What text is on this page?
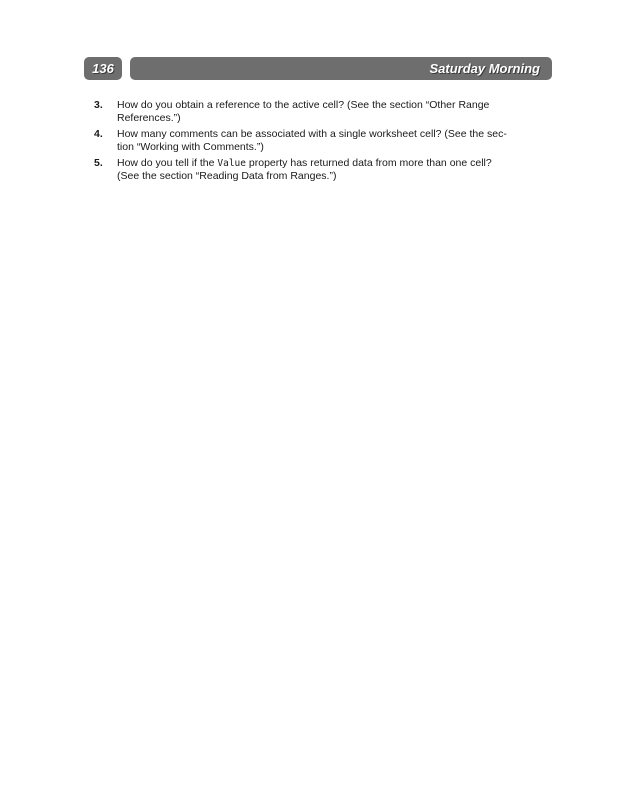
136	Saturday Morning
3. How do you obtain a reference to the active cell? (See the section “Other Range
References.”)
4. How many comments can be associated with a single worksheet cell? (See the sec-
tion “Working with Comments.”)
5. How do you tell if the Value property has returned data from more than one cell?
(See the section “Reading Data from Ranges.”)
